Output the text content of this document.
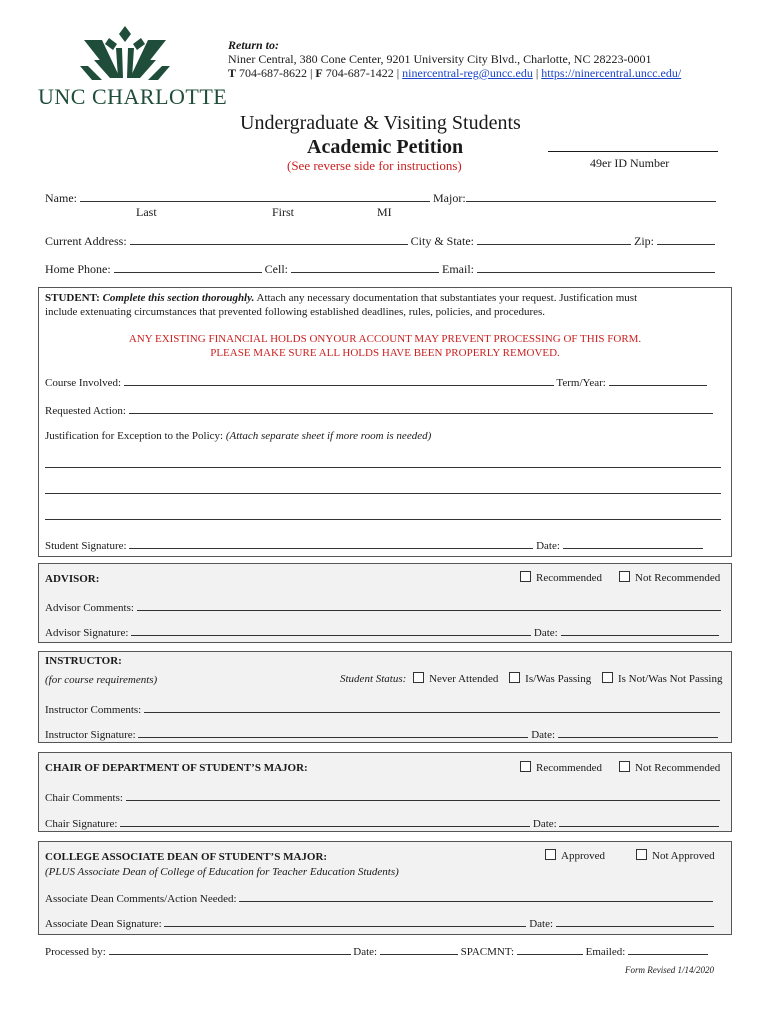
UNC CHARLOTTE
Return to:
Niner Central, 380 Cone Center, 9201 University City Blvd., Charlotte, NC 28223-0001
T 704-687-8622 | F 704-687-1422 | ninercentral-reg@uncc.edu | https://ninercentral.uncc.edu/
Undergraduate & Visiting Students
Academic Petition
(See reverse side for instructions)	49er ID Number
Name:	Major:
Last	First	MI
Current Address:	City & State:	Zip:
Home Phone:	Cell:	Email:
STUDENT: Complete this section thoroughly. Attach any necessary documentation that substantiates your request. Justification must
include extenuating circumstances that prevented following established deadlines, rules, policies, and procedures.
ANY EXISTING FINANCIAL HOLDS ONYOUR ACCOUNT MAY PREVENT PROCESSING OF THIS FORM.
PLEASE MAKE SURE ALL HOLDS HAVE BEEN PROPERLY REMOVED.
Course Involved:	Term/Year:
Requested Action:
Justification for Exception to the Policy: (Attach separate sheet if more room is needed)
Student Signature:	Date:
ADVISOR:	Recommended	Not Recommended
Advisor Comments:
Advisor Signature:	Date:
INSTRUCTOR:
(for course requirements)	Student Status: Never Attended Is/Was Passing Is Not/Was Not Passing
Instructor Comments:
Instructor Signature:	Date:
CHAIR OF DEPARTMENT OF STUDENT’S MAJOR:	Recommended	Not Recommended
Chair Comments:
Chair Signature:	Date:
COLLEGE ASSOCIATE DEAN OF STUDENT’S MAJOR:
(PLUS Associate Dean of College of Education for Teacher Education Students)
Approved	Not Approved
Associate Dean Comments/Action Needed:
Associate Dean Signature:	Date:
Processed by:	Date:	SPACMNT:	Emailed:
Form Revised 1/14/2020
